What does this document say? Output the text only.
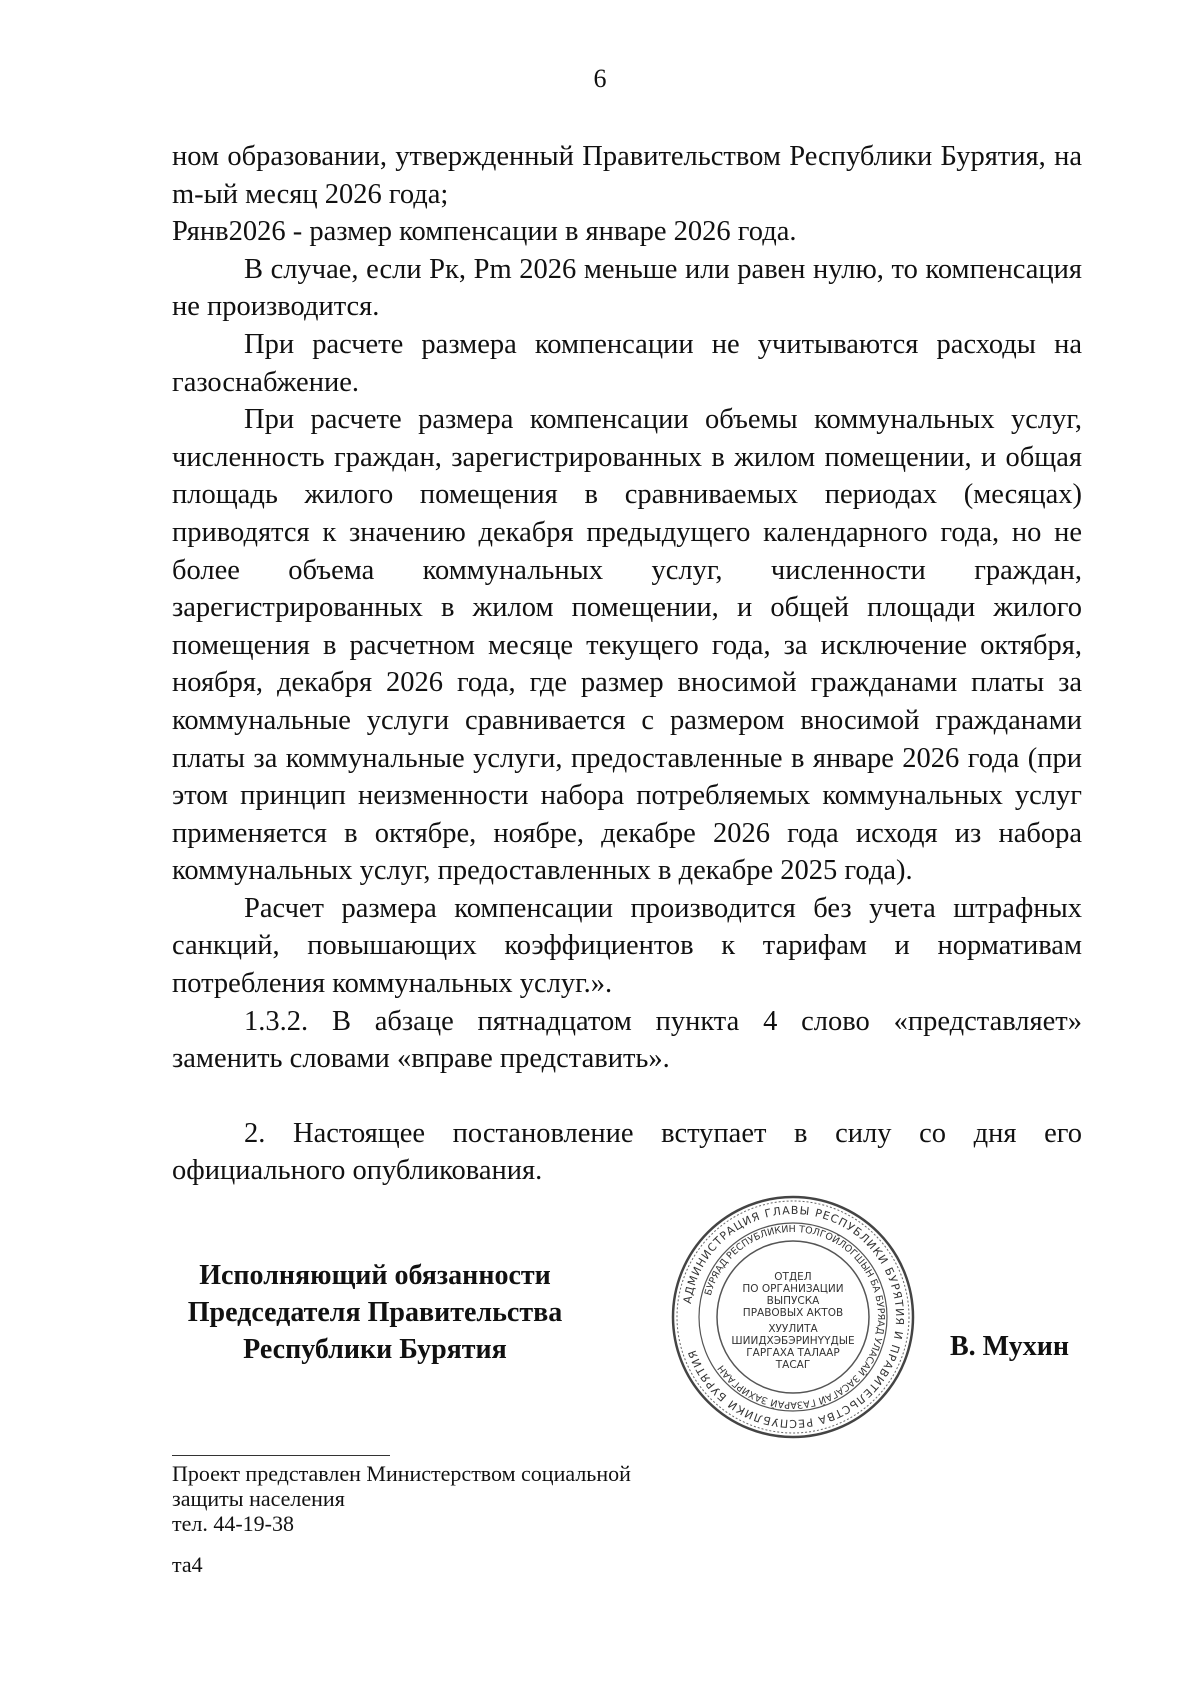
6

ном образовании, утвержденный Правительством Республики Бурятия, на m-ый месяц 2026 года;

Рянв2026 - размер компенсации в январе 2026 года.

В случае, если Рк, Рm 2026 меньше или равен нулю, то компенсация не производится.

При расчете размера компенсации не учитываются расходы на газоснабжение.

При расчете размера компенсации объемы коммунальных услуг, численность граждан, зарегистрированных в жилом помещении, и общая площадь жилого помещения в сравниваемых периодах (месяцах) приводятся к значению декабря предыдущего календарного года, но не более объема коммунальных услуг, численности граждан, зарегистрированных в жилом помещении, и общей площади жилого помещения в расчетном месяце текущего года, за исключение октября, ноября, декабря 2026 года, где размер вносимой гражданами платы за коммунальные услуги сравнивается с размером вносимой гражданами платы за коммунальные услуги, предоставленные в январе 2026 года (при этом принцип неизменности набора потребляемых коммунальных услуг применяется в октябре, ноябре, декабре 2026 года исходя из набора коммунальных услуг, предоставленных в декабре 2025 года).

Расчет размера компенсации производится без учета штрафных санкций, повышающих коэффициентов к тарифам и нормативам потребления коммунальных услуг.».

1.3.2. В абзаце пятнадцатом пункта 4 слово «представляет» заменить словами «вправе представить».

2. Настоящее постановление вступает в силу со дня его официального опубликования.

Исполняющий обязанности
Председателя Правительства
Республики Бурятия
АДМИНИСТРАЦИЯ ГЛАВЫ РЕСПУБЛИКИ БУРЯТИЯ И ПРАВИТЕЛЬСТВА РЕСПУБЛИКИ БУРЯТИЯ
БУРЯАД РЕСПУБЛИКИН ТОЛГОЙЛОГШЫН БА БУРЯАД УЛАСАЙ ЗАСАГАЙ ГАЗАРАЙ ЗАХИРГААН
ОТДЕЛ
ПО ОРГАНИЗАЦИИ
ВЫПУСКА
ПРАВОВЫХ АКТОВ
ХУУЛИТА
ШИИДХЭБЭРИНҮҮДЫЕ
ГАРГАХА ТАЛААР
ТАСАГ
В. Мухин
Проект представлен Министерством социальной
защиты населения
тел. 44-19-38
та4
